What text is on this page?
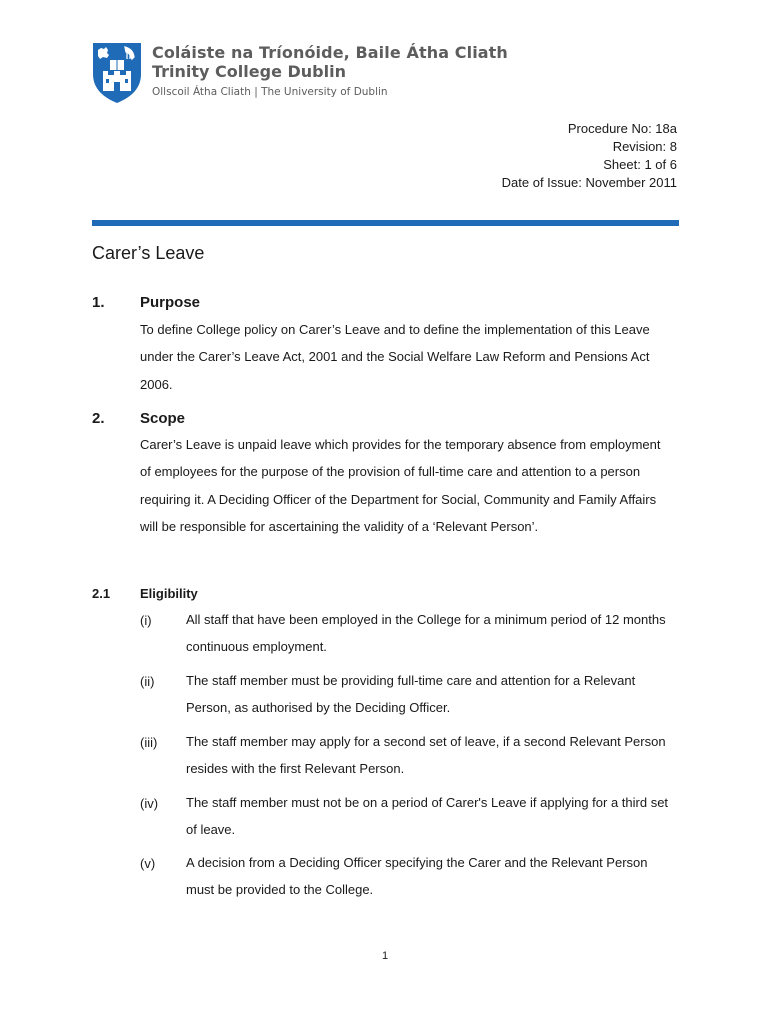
Coláiste na Tríonóide, Baile Átha Cliath
Trinity College Dublin
Ollscoil Átha Cliath | The University of Dublin
Procedure No: 18a
Revision: 8
Sheet: 1 of 6
Date of Issue: November 2011
Carer’s Leave
1. Purpose
To define College policy on Carer’s Leave and to define the implementation of this Leave under the Carer’s Leave Act, 2001 and the Social Welfare Law Reform and Pensions Act 2006.
2. Scope
Carer’s Leave is unpaid leave which provides for the temporary absence from employment of employees for the purpose of the provision of full-time care and attention to a person requiring it. A Deciding Officer of the Department for Social, Community and Family Affairs will be responsible for ascertaining the validity of a ‘Relevant Person’.
2.1 Eligibility
(i)	All staff that have been employed in the College for a minimum period of 12 months continuous employment.
(ii) The staff member must be providing full-time care and attention for a Relevant Person, as authorised by the Deciding Officer.
(iii) The staff member may apply for a second set of leave, if a second Relevant Person resides with the first Relevant Person.
(iv) The staff member must not be on a period of Carer's Leave if applying for a third set of leave.
(v) A decision from a Deciding Officer specifying the Carer and the Relevant Person must be provided to the College.
1
